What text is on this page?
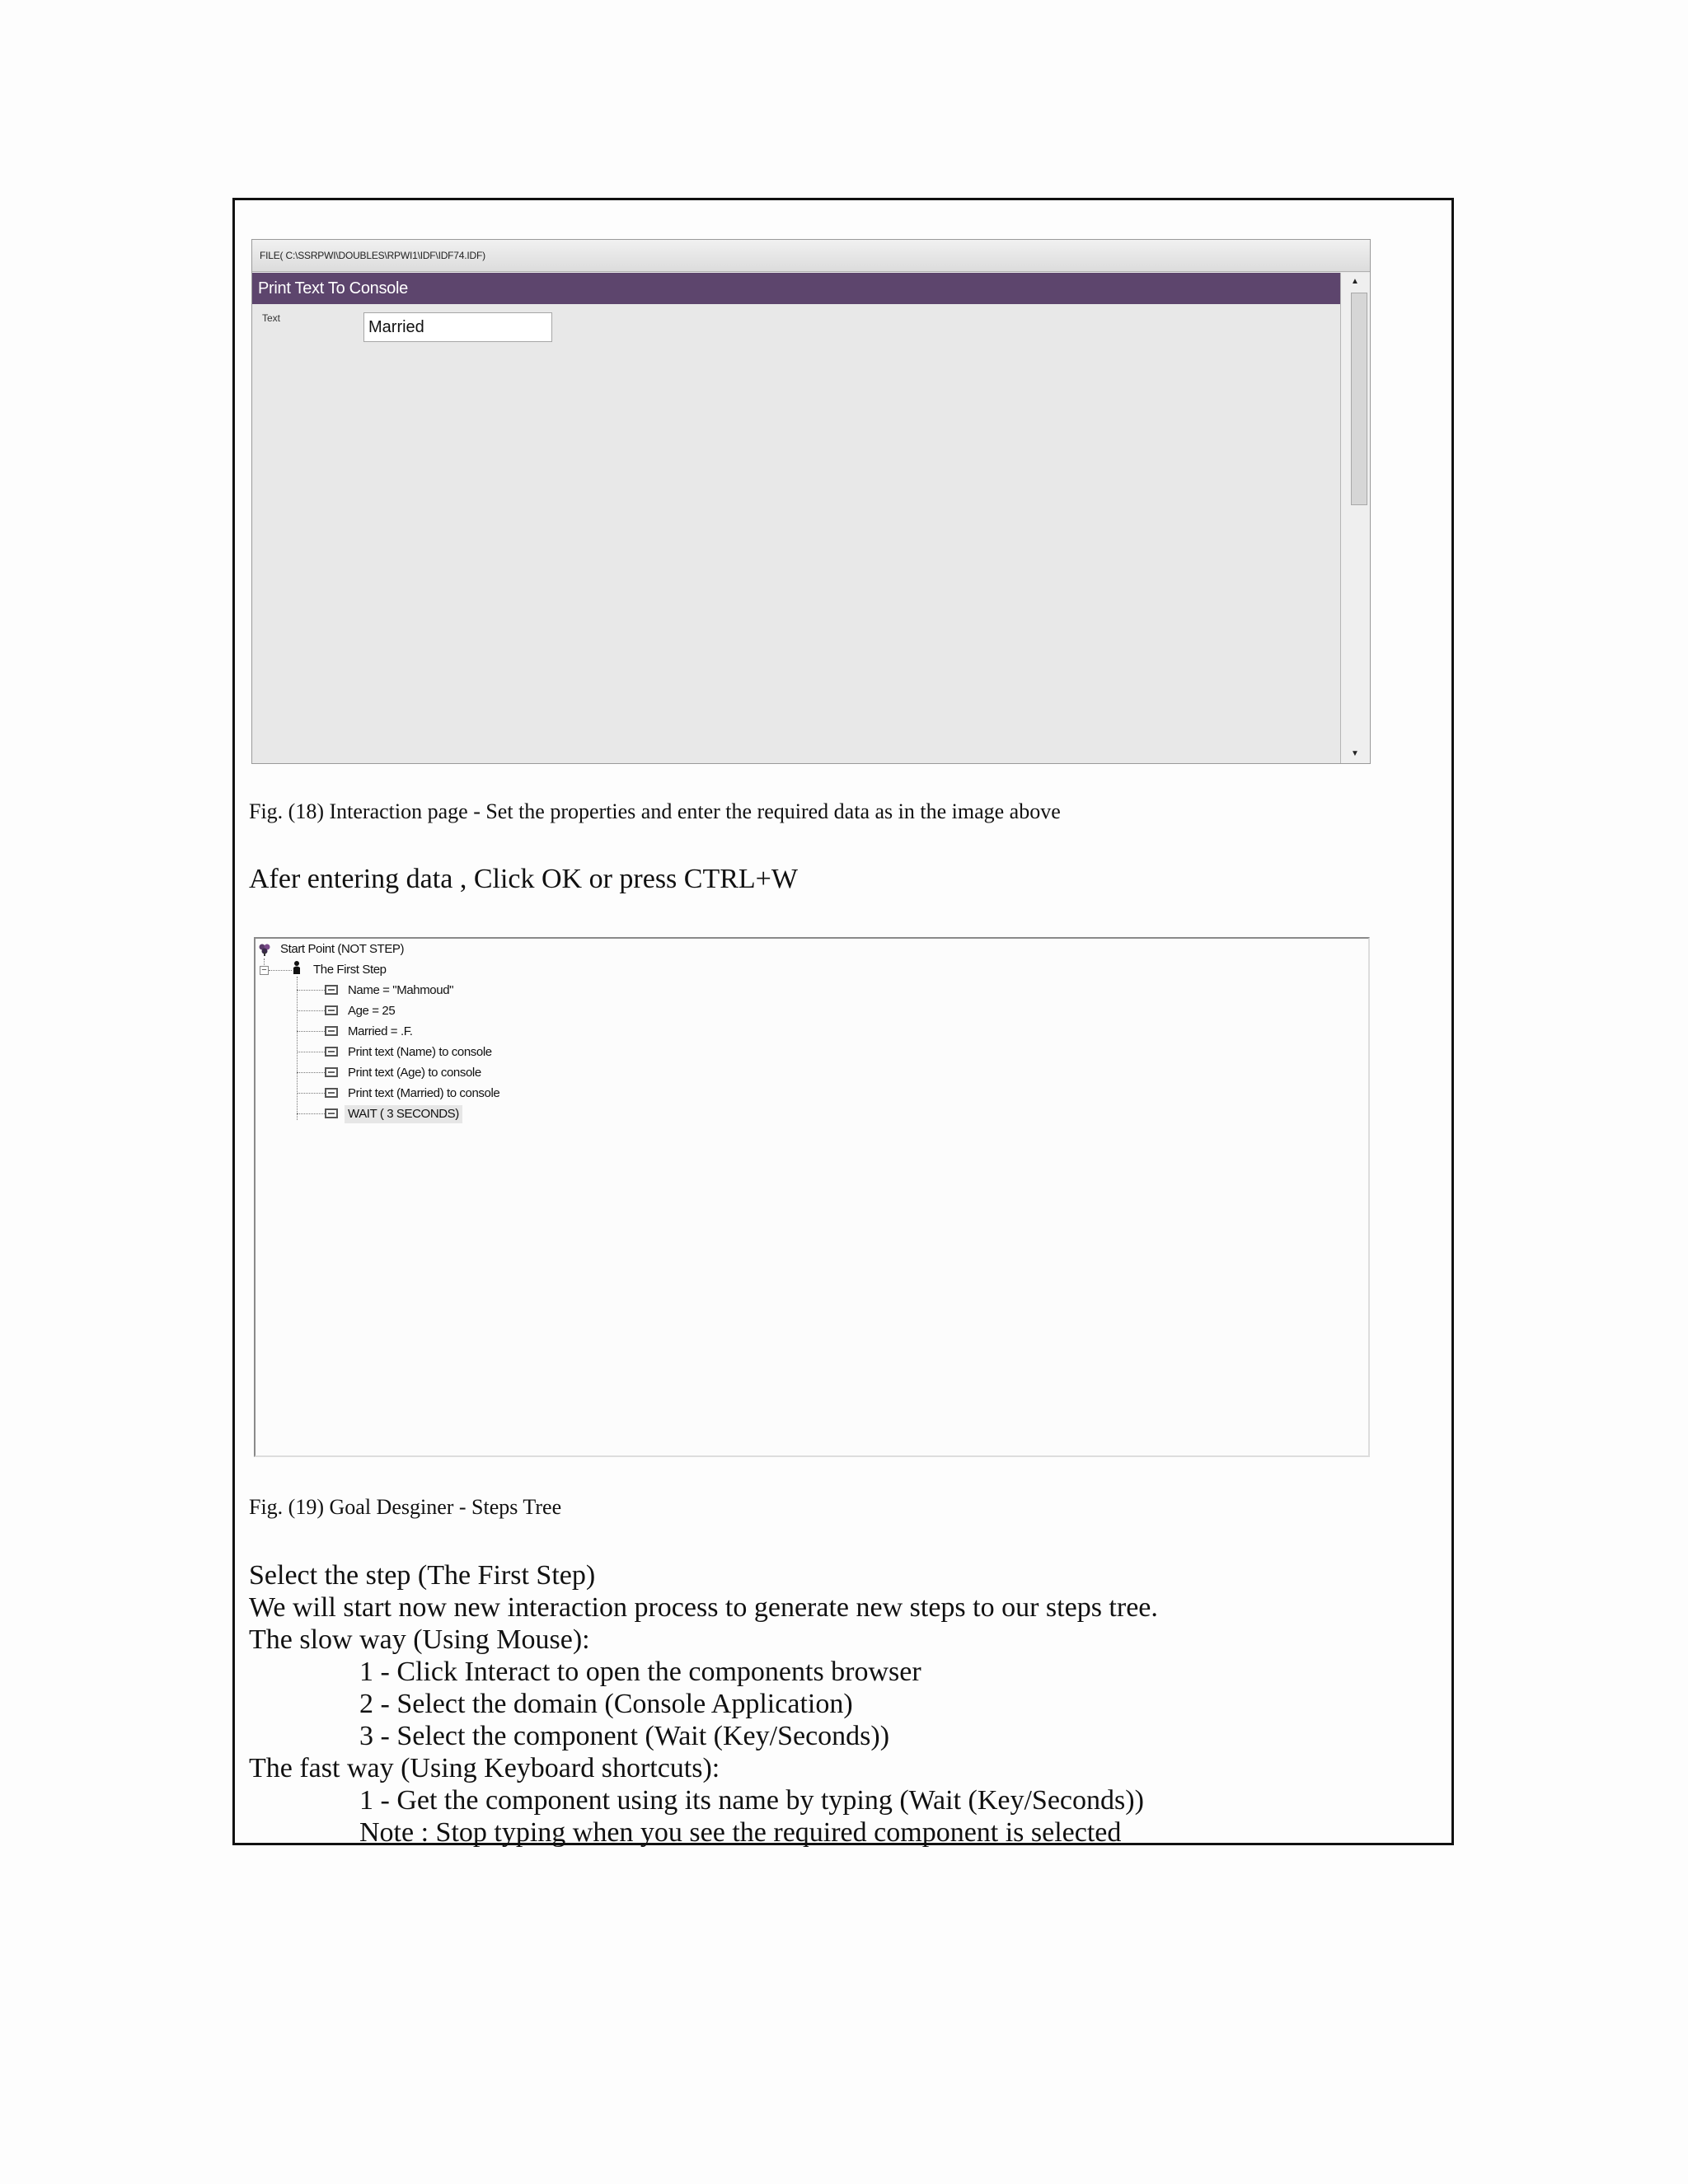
FILE( C:\SSRPWI\DOUBLES\RPWI1\IDF\IDF74.IDF)
Print Text To Console
Text	Married
▲
▼
Fig. (18) Interaction page - Set the properties and enter the required data as in the image above
Afer entering data , Click OK or press CTRL+W
Start Point (NOT STEP)
−	The First Step
Name = "Mahmoud"
Age = 25
Married = .F.
Print text (Name) to console
Print text (Age) to console
Print text (Married) to console
WAIT ( 3 SECONDS)
Fig. (19) Goal Desginer - Steps Tree
Select the step (The First Step)
We will start now new interaction process to generate new steps to our steps tree.
The slow way (Using Mouse):
1 - Click Interact to open the components browser
2 - Select the domain (Console Application)
3 - Select the component (Wait (Key/Seconds))
The fast way (Using Keyboard shortcuts):
1 - Get the component using its name by typing (Wait (Key/Seconds))
Note : Stop typing when you see the required component is selected
